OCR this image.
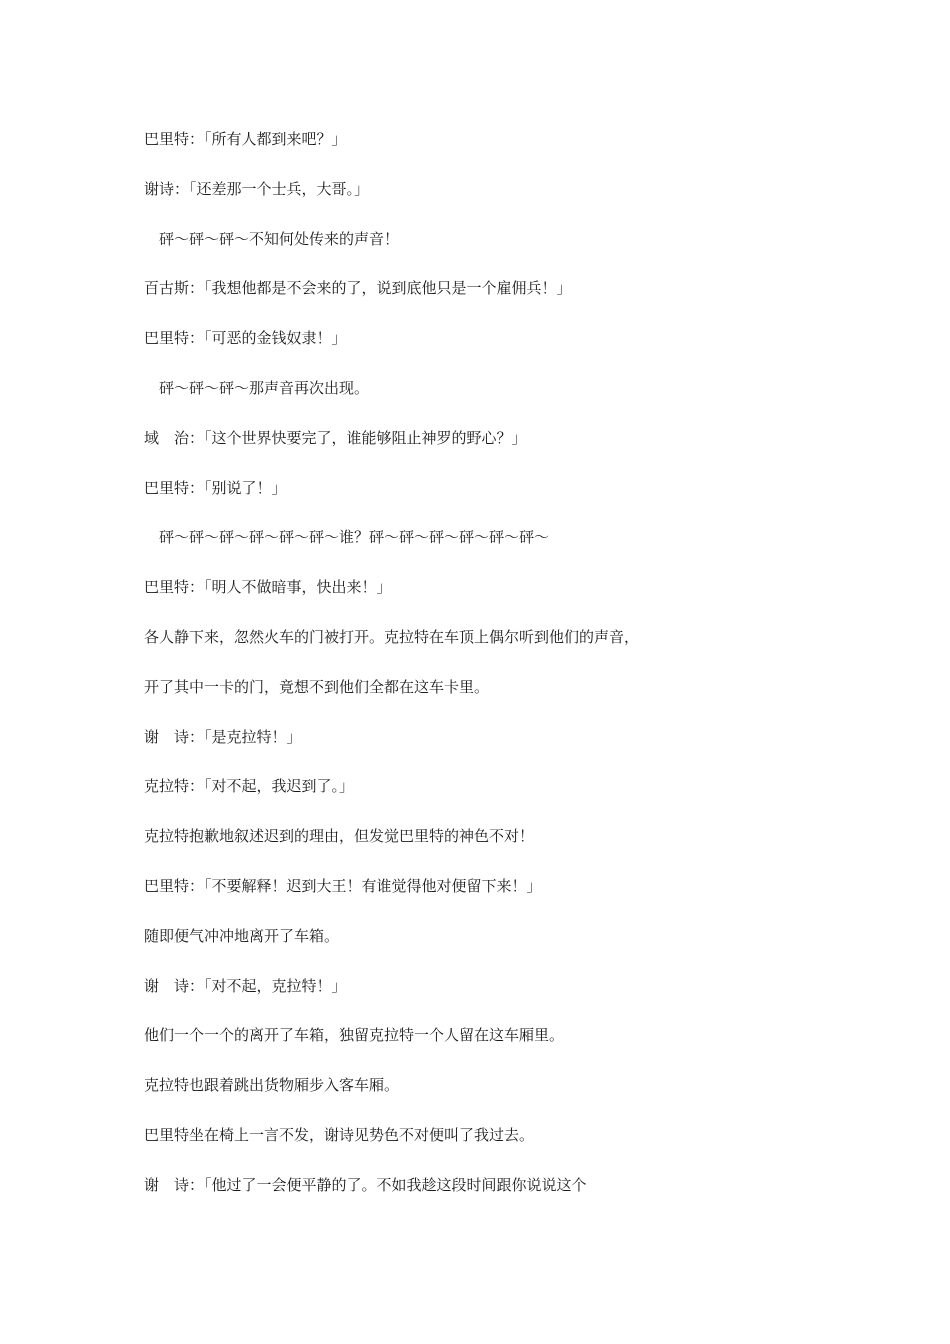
巴里特：「所有人都到来吧？」
谢诗：「还差那一个士兵，大哥。」
　砰～砰～砰～不知何处传来的声音！
百古斯：「我想他都是不会来的了，说到底他只是一个雇佣兵！」
巴里特：「可恶的金钱奴隶！」
　砰～砰～砰～那声音再次出现。
域　治：「这个世界快要完了，谁能够阻止神罗的野心？」
巴里特：「别说了！」
　砰～砰～砰～砰～砰～砰～谁？砰～砰～砰～砰～砰～砰～
巴里特：「明人不做暗事，快出来！」
各人静下来，忽然火车的门被打开。克拉特在车顶上偶尔听到他们的声音，
开了其中一卡的门，竟想不到他们全都在这车卡里。
谢　诗：「是克拉特！」
克拉特：「对不起，我迟到了。」
克拉特抱歉地叙述迟到的理由，但发觉巴里特的神色不对！
巴里特：「不要解释！迟到大王！有谁觉得他对便留下来！」
随即便气冲冲地离开了车箱。
谢　诗：「对不起，克拉特！」
他们一个一个的离开了车箱，独留克拉特一个人留在这车厢里。
克拉特也跟着跳出货物厢步入客车厢。
巴里特坐在椅上一言不发，谢诗见势色不对便叫了我过去。
谢　诗：「他过了一会便平静的了。不如我趁这段时间跟你说说这个
